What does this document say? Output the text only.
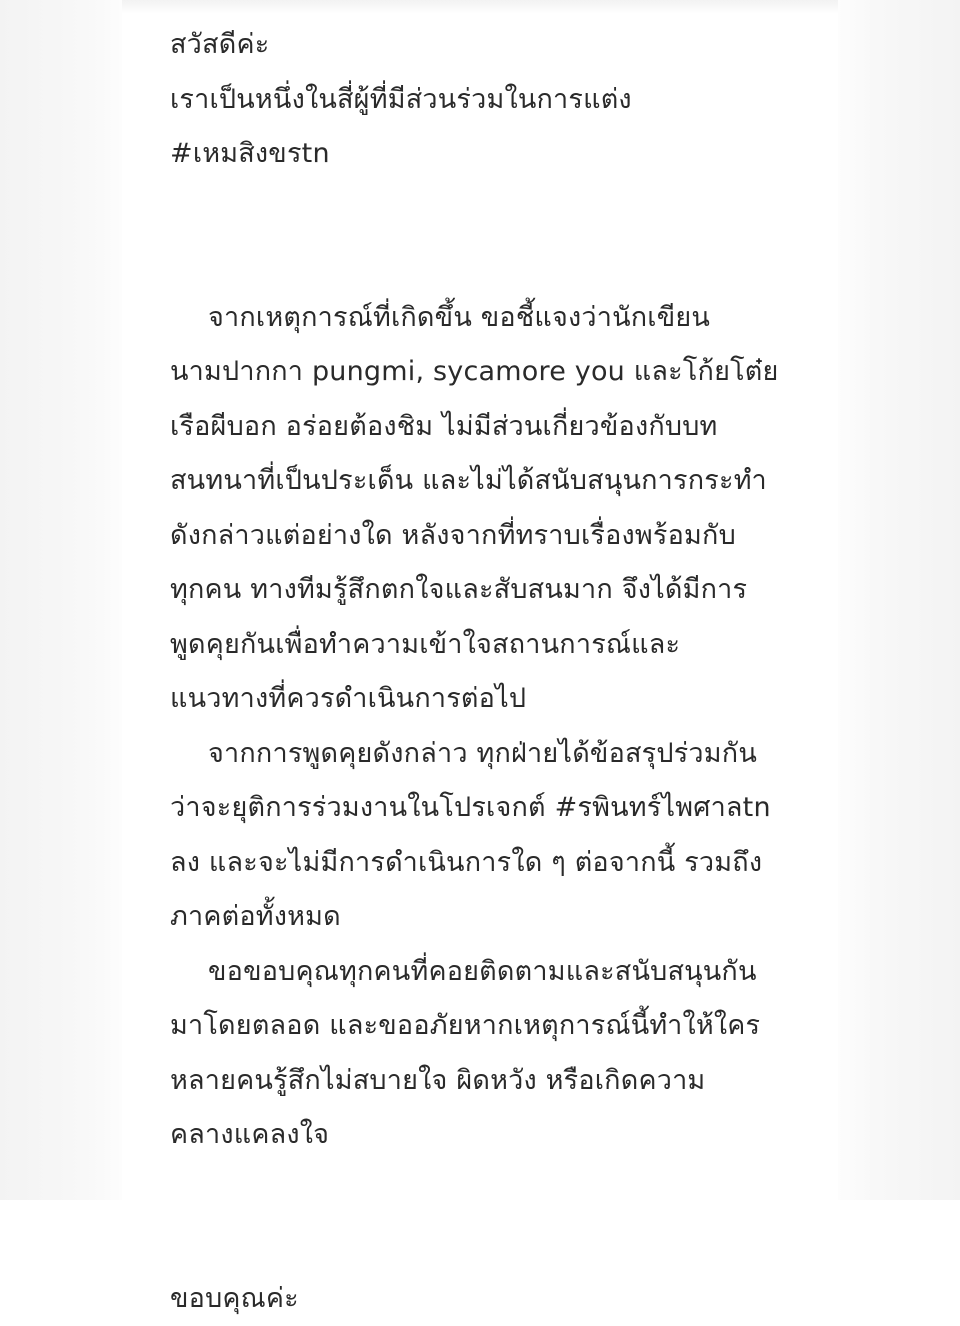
สวัสดีค่ะ
เราเป็นหนึ่งในสี่ผู้ที่มีส่วนร่วมในการแต่ง
#เหมสิงขรtn
จากเหตุการณ์ที่เกิดขึ้น ขอชี้แจงว่านักเขียน
นามปากกา pungmi, sycamore you และโก้ยโต๋ย
เรือผีบอก อร่อยต้องชิม ไม่มีส่วนเกี่ยวข้องกับบท
สนทนาที่เป็นประเด็น และไม่ได้สนับสนุนการกระทำ
ดังกล่าวแต่อย่างใด หลังจากที่ทราบเรื่องพร้อมกับ
ทุกคน ทางทีมรู้สึกตกใจและสับสนมาก จึงได้มีการ
พูดคุยกันเพื่อทำความเข้าใจสถานการณ์และ
แนวทางที่ควรดำเนินการต่อไป
จากการพูดคุยดังกล่าว ทุกฝ่ายได้ข้อสรุปร่วมกัน
ว่าจะยุติการร่วมงานในโปรเจกต์ #รพินทร์ไพศาลtn
ลง และจะไม่มีการดำเนินการใด ๆ ต่อจากนี้ รวมถึง
ภาคต่อทั้งหมด
ขอขอบคุณทุกคนที่คอยติดตามและสนับสนุนกัน
มาโดยตลอด และขออภัยหากเหตุการณ์นี้ทำให้ใคร
หลายคนรู้สึกไม่สบายใจ ผิดหวัง หรือเกิดความ
คลางแคลงใจ
ขอบคุณค่ะ
